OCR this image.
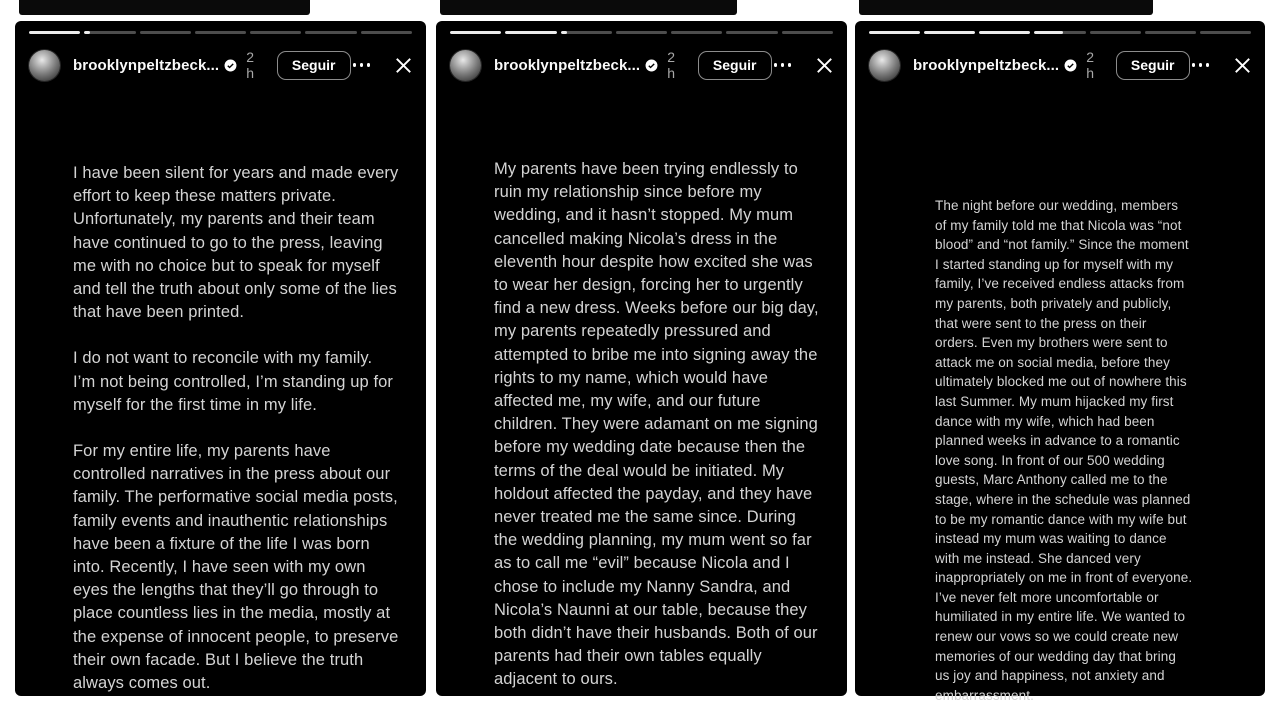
brooklynpeltzbeck... 2 h
Seguir

I have been silent for years and made every effort to keep these matters private. Unfortunately, my parents and their team have continued to go to the press, leaving me with no choice but to speak for myself and tell the truth about only some of the lies that have been printed.

I do not want to reconcile with my family. I’m not being controlled, I’m standing up for myself for the first time in my life.

For my entire life, my parents have controlled narratives in the press about our family. The performative social media posts, family events and inauthentic relationships have been a fixture of the life I was born into. Recently, I have seen with my own eyes the lengths that they’ll go through to place countless lies in the media, mostly at the expense of innocent people, to preserve their own facade. But I believe the truth always comes out.

brooklynpeltzbeck... 2 h
Seguir

My parents have been trying endlessly to ruin my relationship since before my wedding, and it hasn’t stopped. My mum cancelled making Nicola’s dress in the eleventh hour despite how excited she was to wear her design, forcing her to urgently find a new dress. Weeks before our big day, my parents repeatedly pressured and attempted to bribe me into signing away the rights to my name, which would have affected me, my wife, and our future children. They were adamant on me signing before my wedding date because then the terms of the deal would be initiated. My holdout affected the payday, and they have never treated me the same since. During the wedding planning, my mum went so far as to call me “evil” because Nicola and I chose to include my Nanny Sandra, and Nicola’s Naunni at our table, because they both didn’t have their husbands. Both of our parents had their own tables equally adjacent to ours.

brooklynpeltzbeck... 2 h
Seguir

The night before our wedding, members of my family told me that Nicola was “not blood” and “not family.” Since the moment I started standing up for myself with my family, I’ve received endless attacks from my parents, both privately and publicly, that were sent to the press on their orders. Even my brothers were sent to attack me on social media, before they ultimately blocked me out of nowhere this last Summer. My mum hijacked my first dance with my wife, which had been planned weeks in advance to a romantic love song. In front of our 500 wedding guests, Marc Anthony called me to the stage, where in the schedule was planned to be my romantic dance with my wife but instead my mum was waiting to dance with me instead. She danced very inappropriately on me in front of everyone. I’ve never felt more uncomfortable or humiliated in my entire life. We wanted to renew our vows so we could create new memories of our wedding day that bring us joy and happiness, not anxiety and embarrassment.
